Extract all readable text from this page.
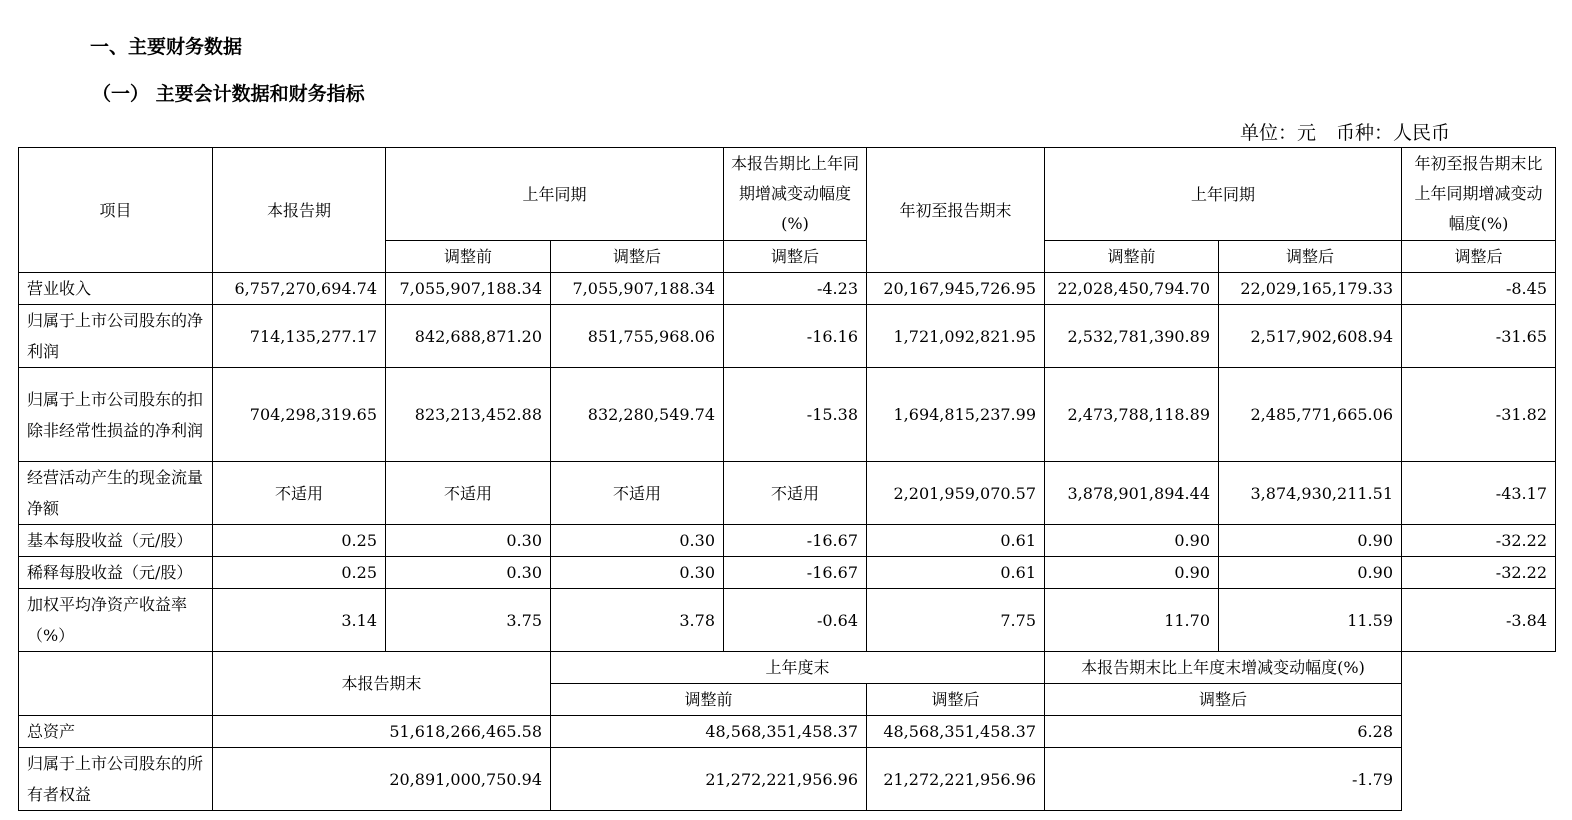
一、主要财务数据
（一） 主要会计数据和财务指标
单位：元 币种：人民币
项目	本报告期	上年同期		本报告期比上年同期增减变动幅度(%)	年初至报告期末	上年同期		年初至报告期末比上年同期增减变动幅度(%)
		调整前	调整后	调整后		调整前	调整后	调整后
营业收入	6,757,270,694.74	7,055,907,188.34	7,055,907,188.34	-4.23	20,167,945,726.95	22,028,450,794.70	22,029,165,179.33	-8.45
归属于上市公司股东的净利润	714,135,277.17	842,688,871.20	851,755,968.06	-16.16	1,721,092,821.95	2,532,781,390.89	2,517,902,608.94	-31.65
归属于上市公司股东的扣除非经常性损益的净利润	704,298,319.65	823,213,452.88	832,280,549.74	-15.38	1,694,815,237.99	2,473,788,118.89	2,485,771,665.06	-31.82
经营活动产生的现金流量净额	不适用	不适用	不适用	不适用	2,201,959,070.57	3,878,901,894.44	3,874,930,211.51	-43.17
基本每股收益（元/股）	0.25	0.30	0.30	-16.67	0.61	0.90	0.90	-32.22
稀释每股收益（元/股）	0.25	0.30	0.30	-16.67	0.61	0.90	0.90	-32.22
加权平均净资产收益率（%）	3.14	3.75	3.78	-0.64	7.75	11.70	11.59	-3.84
	本报告期末		上年度末			本报告期末比上年度末增减变动幅度(%)		
			调整前		调整后	调整后		
总资产	51,618,266,465.58		48,568,351,458.37		48,568,351,458.37	6.28		
归属于上市公司股东的所有者权益	20,891,000,750.94		21,272,221,956.96		21,272,221,956.96	-1.79		
